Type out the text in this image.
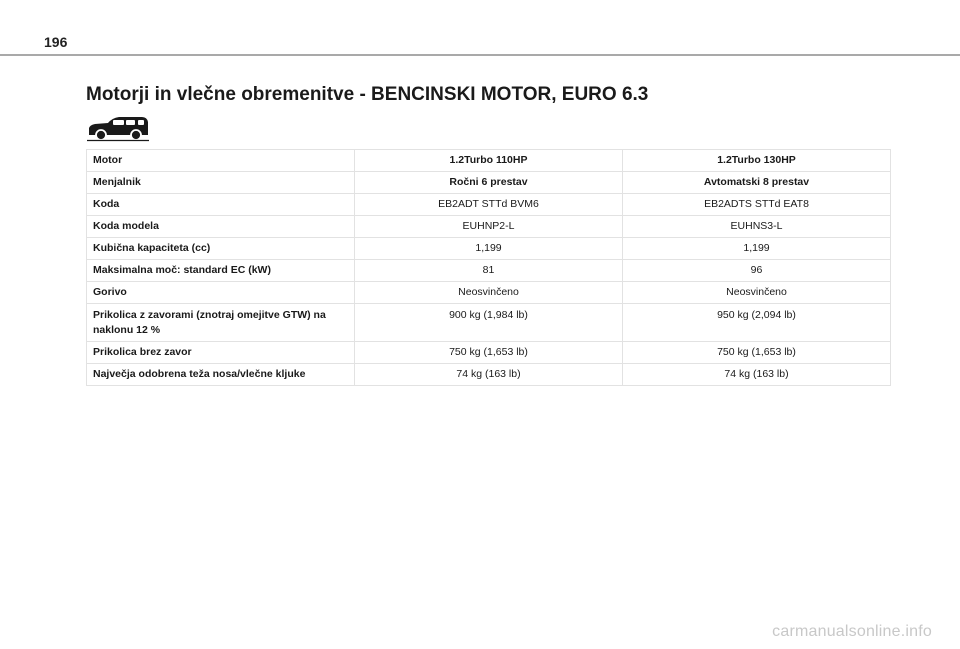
196
Motorji in vlečne obremenitve - BENCINSKI MOTOR, EURO 6.3
Motor	1.2Turbo 110HP	1.2Turbo 130HP
Menjalnik	Ročni 6 prestav	Avtomatski 8 prestav
Koda	EB2ADT STTd BVM6	EB2ADTS STTd EAT8
Koda modela	EUHNP2-L	EUHNS3-L
Kubična kapaciteta (cc)	1,199	1,199
Maksimalna moč: standard EC (kW)	81	96
Gorivo	Neosvinčeno	Neosvinčeno
Prikolica z zavorami (znotraj omejitve GTW) na naklonu 12 %	900 kg (1,984 lb)	950 kg (2,094 lb)
Prikolica brez zavor	750 kg (1,653 lb)	750 kg (1,653 lb)
Največja odobrena teža nosa/vlečne kljuke	74 kg (163 lb)	74 kg (163 lb)
carmanualsonline.info
